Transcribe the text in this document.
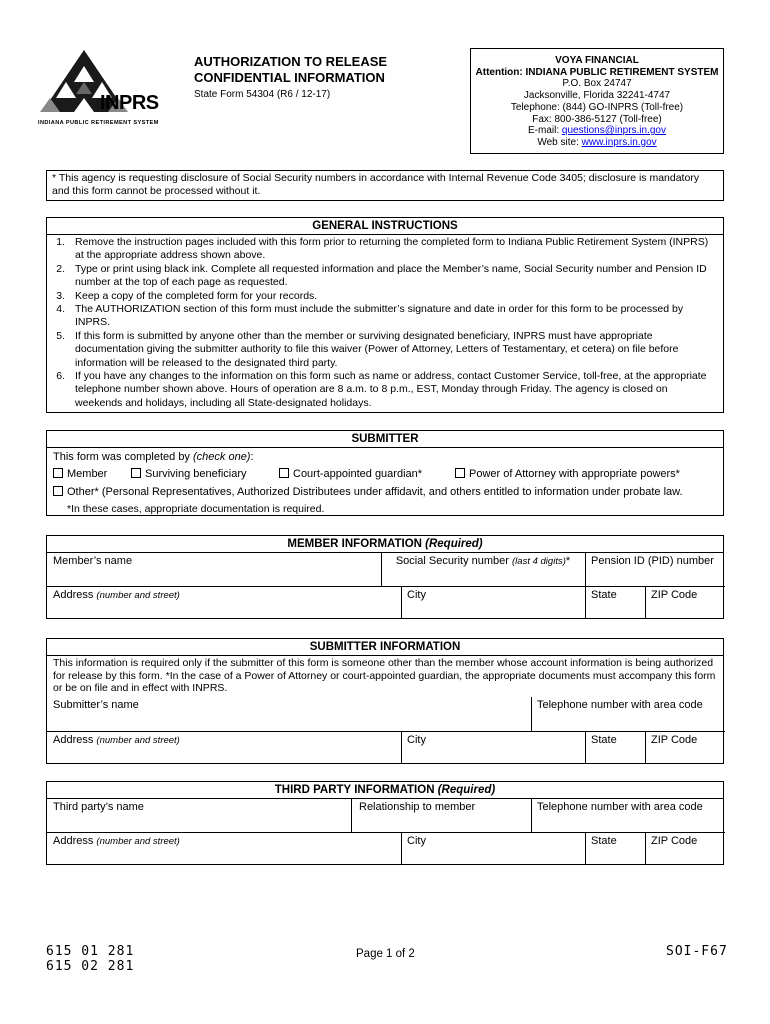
INPRS
INDIANA PUBLIC RETIREMENT SYSTEM
AUTHORIZATION TO RELEASE
CONFIDENTIAL INFORMATION
State Form 54304 (R6 / 12-17)
VOYA FINANCIAL
Attention: INDIANA PUBLIC RETIREMENT SYSTEM
P.O. Box 24747
Jacksonville, Florida 32241-4747
Telephone: (844) GO-INPRS (Toll-free)
Fax: 800-386-5127 (Toll-free)
E-mail: questions@inprs.in.gov
Web site: www.inprs.in.gov
* This agency is requesting disclosure of Social Security numbers in accordance with Internal Revenue Code 3405; disclosure is mandatory and this form cannot be processed without it.
GENERAL INSTRUCTIONS
1. Remove the instruction pages included with this form prior to returning the completed form to Indiana Public Retirement System (INPRS) at the appropriate address shown above.
2. Type or print using black ink. Complete all requested information and place the Member’s name, Social Security number and Pension ID number at the top of each page as requested.
3. Keep a copy of the completed form for your records.
4. The AUTHORIZATION section of this form must include the submitter’s signature and date in order for this form to be processed by INPRS.
5. If this form is submitted by anyone other than the member or surviving designated beneficiary, INPRS must have appropriate documentation giving the submitter authority to file this waiver (Power of Attorney, Letters of Testamentary, et cetera) on file before information will be released to the designated third party.
6. If you have any changes to the information on this form such as name or address, contact Customer Service, toll-free, at the appropriate telephone number shown above. Hours of operation are 8 a.m. to 8 p.m., EST, Monday through Friday. The agency is closed on weekends and holidays, including all State-designated holidays.
SUBMITTER
This form was completed by (check one):
Member	Surviving beneficiary	Court-appointed guardian*	Power of Attorney with appropriate powers*
Other* (Personal Representatives, Authorized Distributees under affidavit, and others entitled to information under probate law.
*In these cases, appropriate documentation is required.
MEMBER INFORMATION (Required)
Member’s name	Social Security number (last 4 digits)*	Pension ID (PID) number
Address (number and street)	City	State	ZIP Code
SUBMITTER INFORMATION
This information is required only if the submitter of this form is someone other than the member whose account information is being authorized for release by this form. *In the case of a Power of Attorney or court-appointed guardian, the appropriate documents must accompany this form or be on file and in effect with INPRS.
Submitter’s name	Telephone number with area code
Address (number and street)	City	State	ZIP Code
THIRD PARTY INFORMATION (Required)
Third party’s name	Relationship to member	Telephone number with area code
Address (number and street)	City	State	ZIP Code
615 01 281
615 02 281
Page 1 of 2	SOI-F67
